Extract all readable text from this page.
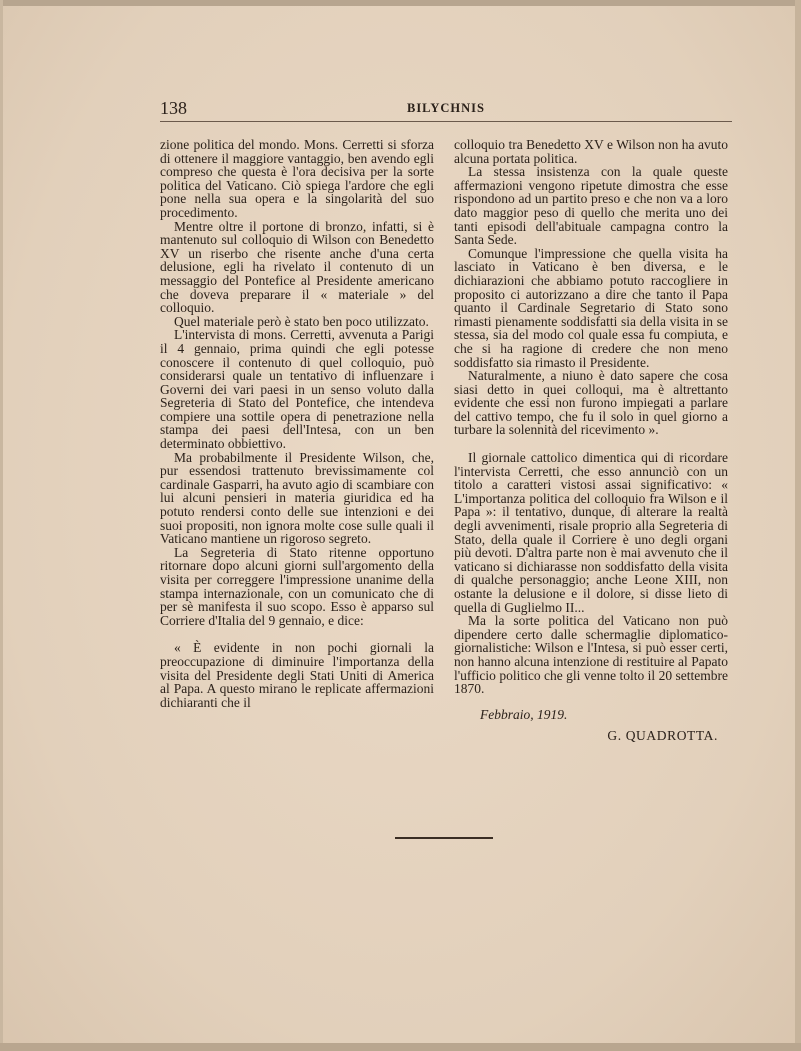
138	BILYCHNIS

zione politica del mondo. Mons. Cerretti si sforza di ottenere il maggiore vantaggio, ben avendo egli compreso che questa è l'ora decisiva per la sorte politica del Vaticano. Ciò spiega l'ardore che egli pone nella sua opera e la singolarità del suo procedimento.

Mentre oltre il portone di bronzo, infatti, si è mantenuto sul colloquio di Wilson con Benedetto XV un riserbo che risente anche d'una certa delusione, egli ha rivelato il contenuto di un messaggio del Pontefice al Presidente americano che doveva preparare il « materiale » del colloquio.

Quel materiale però è stato ben poco utilizzato.

L'intervista di mons. Cerretti, avvenuta a Parigi il 4 gennaio, prima quindi che egli potesse conoscere il contenuto di quel colloquio, può considerarsi quale un tentativo di influenzare i Governi dei vari paesi in un senso voluto dalla Segreteria di Stato del Pontefice, che intendeva compiere una sottile opera di penetrazione nella stampa dei paesi dell'Intesa, con un ben determinato obbiettivo.

Ma probabilmente il Presidente Wilson, che, pur essendosi trattenuto brevissimamente col cardinale Gasparri, ha avuto agio di scambiare con lui alcuni pensieri in materia giuridica ed ha potuto rendersi conto delle sue intenzioni e dei suoi propositi, non ignora molte cose sulle quali il Vaticano mantiene un rigoroso segreto.

La Segreteria di Stato ritenne opportuno ritornare dopo alcuni giorni sull'argomento della visita per correggere l'impressione unanime della stampa internazionale, con un comunicato che di per sè manifesta il suo scopo. Esso è apparso sul Corriere d'Italia del 9 gennaio, e dice:

« È evidente in non pochi giornali la preoccupazione di diminuire l'importanza della visita del Presidente degli Stati Uniti di America al Papa. A questo mirano le replicate affermazioni dichiaranti che il

colloquio tra Benedetto XV e Wilson non ha avuto alcuna portata politica.

La stessa insistenza con la quale queste affermazioni vengono ripetute dimostra che esse rispondono ad un partito preso e che non va a loro dato maggior peso di quello che merita uno dei tanti episodi dell'abituale campagna contro la Santa Sede.

Comunque l'impressione che quella visita ha lasciato in Vaticano è ben diversa, e le dichiarazioni che abbiamo potuto raccogliere in proposito ci autorizzano a dire che tanto il Papa quanto il Cardinale Segretario di Stato sono rimasti pienamente soddisfatti sia della visita in se stessa, sia del modo col quale essa fu compiuta, e che si ha ragione di credere che non meno soddisfatto sia rimasto il Presidente.

Naturalmente, a niuno è dato sapere che cosa siasi detto in quei colloqui, ma è altrettanto evidente che essi non furono impiegati a parlare del cattivo tempo, che fu il solo in quel giorno a turbare la solennità del ricevimento ».

Il giornale cattolico dimentica qui di ricordare l'intervista Cerretti, che esso annunciò con un titolo a caratteri vistosi assai significativo: « L'importanza politica del colloquio fra Wilson e il Papa »: il tentativo, dunque, di alterare la realtà degli avvenimenti, risale proprio alla Segreteria di Stato, della quale il Corriere è uno degli organi più devoti. D'altra parte non è mai avvenuto che il vaticano si dichiarasse non soddisfatto della visita di qualche personaggio; anche Leone XIII, non ostante la delusione e il dolore, si disse lieto di quella di Guglielmo II...

Ma la sorte politica del Vaticano non può dipendere certo dalle schermaglie diplomatico-giornalistiche: Wilson e l'Intesa, si può esser certi, non hanno alcuna intenzione di restituire al Papato l'ufficio politico che gli venne tolto il 20 settembre 1870.

Febbraio, 1919.
G. QUADROTTA.
